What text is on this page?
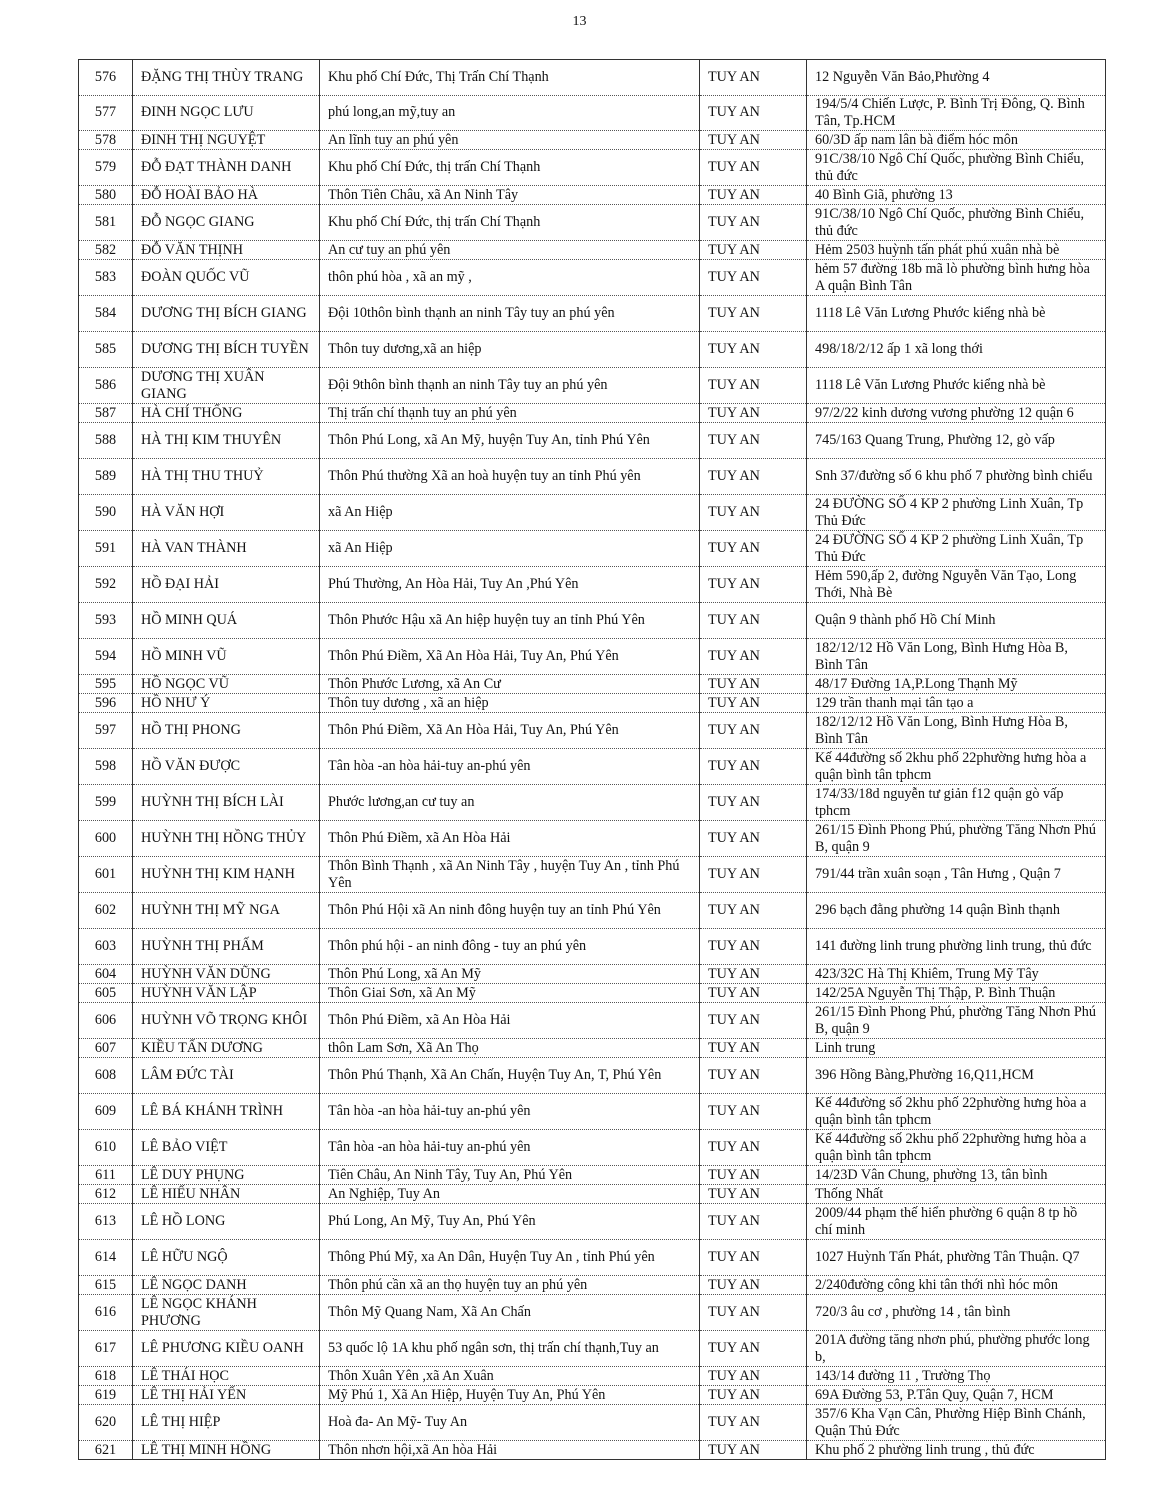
13
576	ĐẶNG THỊ THÙY TRANG	Khu phố Chí Đức, Thị Trấn Chí Thạnh	TUY AN	12 Nguyễn Văn Bảo,Phường 4
577	ĐINH NGỌC LƯU	phú long,an mỹ,tuy an	TUY AN	194/5/4 Chiến Lược, P. Bình Trị Đông, Q. Bình Tân, Tp.HCM
578	ĐINH THỊ NGUYỆT	An lĩnh tuy an phú yên	TUY AN	60/3D ấp nam lân bà điểm hóc môn
579	ĐỖ ĐẠT THÀNH DANH	Khu phố Chí Đức, thị trấn Chí Thạnh	TUY AN	91C/38/10 Ngô Chí Quốc, phường Bình Chiểu, thủ đức
580	ĐỖ HOÀI BẢO HÀ	Thôn Tiên Châu, xã An Ninh Tây	TUY AN	40 Bình Giã, phường 13
581	ĐỖ NGỌC GIANG	Khu phố Chí Đức, thị trấn Chí Thạnh	TUY AN	91C/38/10 Ngô Chí Quốc, phường Bình Chiểu, thủ đức
582	ĐỖ VĂN THỊNH	An cư tuy an phú yên	TUY AN	Hẻm 2503 huỳnh tấn phát phú xuân nhà bè
583	ĐOÀN QUỐC VŨ	thôn phú hòa , xã an mỹ ,	TUY AN	hẻm 57 đường 18b mã lò phường bình hưng hòa A quận Bình Tân
584	DƯƠNG THỊ BÍCH GIANG	Đội 10thôn bình thạnh an ninh Tây tuy an phú yên	TUY AN	1118 Lê Văn Lương Phước kiểng nhà bè
585	DƯƠNG THỊ BÍCH TUYỀN	Thôn tuy dương,xã an hiệp	TUY AN	498/18/2/12 ấp 1 xã long thới
586	DƯƠNG THỊ XUÂN GIANG	Đội 9thôn bình thạnh an ninh Tây tuy an phú yên	TUY AN	1118 Lê Văn Lương Phước kiểng nhà bè
587	HÀ CHÍ THỐNG	Thị trấn chí thạnh tuy an phú yên	TUY AN	97/2/22 kinh dương vương phường 12 quận 6
588	HÀ THỊ KIM THUYÊN	Thôn Phú Long, xã An Mỹ, huyện Tuy An, tỉnh Phú Yên	TUY AN	745/163 Quang Trung, Phường 12, gò vấp
589	HÀ THỊ THU THUỶ	Thôn Phú thường Xã an hoà huyện tuy an tỉnh Phú yên	TUY AN	Snh 37/đường số 6 khu phố 7 phường bình chiểu
590	HÀ VĂN HỢI	xã An Hiệp	TUY AN	24 ĐƯỜNG SỐ 4 KP 2 phường Linh Xuân, Tp Thủ Đức
591	HÀ VAN THÀNH	xã An Hiệp	TUY AN	24 ĐƯỜNG SỐ 4 KP 2 phường Linh Xuân, Tp Thủ Đức
592	HỒ ĐẠI HẢI	Phú Thường, An Hòa Hải, Tuy An ,Phú Yên	TUY AN	Hẻm 590,ấp 2, đường Nguyễn Văn Tạo, Long Thới, Nhà Bè
593	HỒ MINH QUÁ	Thôn Phước Hậu xã An hiệp huyện tuy an tỉnh Phú Yên	TUY AN	Quận 9 thành phố Hồ Chí Minh
594	HỒ MINH VŨ	Thôn Phú Điềm, Xã An Hòa Hải, Tuy An, Phú Yên	TUY AN	182/12/12 Hồ Văn Long, Bình Hưng Hòa B, Bình Tân
595	HỒ NGỌC VŨ	Thôn Phước Lương, xã An Cư	TUY AN	48/17 Đường 1A,P.Long Thạnh Mỹ
596	HỒ NHƯ Ý	Thôn tuy dương , xã an hiệp	TUY AN	129 trần thanh mại tân tạo a
597	HỒ THỊ PHONG	Thôn Phú Điềm, Xã An Hòa Hải, Tuy An, Phú Yên	TUY AN	182/12/12 Hồ Văn Long, Bình Hưng Hòa B, Bình Tân
598	HỒ VĂN ĐƯỢC	Tân hòa -an hòa hải-tuy an-phú yên	TUY AN	Kế 44đường số 2khu phố 22phường hưng hòa a quận bình tân tphcm
599	HUỲNH THỊ BÍCH LÀI	Phước lương,an cư tuy an	TUY AN	174/33/18d nguyễn tư giản f12 quận gò vấp tphcm
600	HUỲNH THỊ HỒNG THỦY	Thôn Phú Điềm, xã An Hòa Hải	TUY AN	261/15 Đình Phong Phú, phường Tăng Nhơn Phú B, quận 9
601	HUỲNH THỊ KIM HẠNH	Thôn Bình Thạnh , xã An Ninh Tây , huyện Tuy An , tỉnh Phú Yên	TUY AN	791/44 trần xuân soạn , Tân Hưng , Quận 7
602	HUỲNH THỊ MỸ NGA	Thôn Phú Hội xã An ninh đông huyện tuy an tỉnh Phú Yên	TUY AN	296 bạch đằng phường 14 quận Bình thạnh
603	HUỲNH THỊ PHẤM	Thôn phú hội - an ninh đông - tuy an phú yên	TUY AN	141 đường linh trung phường linh trung, thủ đức
604	HUỲNH VĂN DŨNG	Thôn Phú Long, xã An Mỹ	TUY AN	423/32C Hà Thị Khiêm, Trung Mỹ Tây
605	HUỲNH VĂN LẬP	Thôn Giai Sơn, xã An Mỹ	TUY AN	142/25A Nguyễn Thị Thập, P. Bình Thuận
606	HUỲNH VÕ TRỌNG KHÔI	Thôn Phú Điềm, xã An Hòa Hải	TUY AN	261/15 Đình Phong Phú, phường Tăng Nhơn Phú B, quận 9
607	KIỀU TẤN DƯƠNG	thôn Lam Sơn, Xã An Thọ	TUY AN	Linh trung
608	LÂM ĐỨC TÀI	Thôn Phú Thạnh, Xã An Chấn, Huyện Tuy An, T, Phú Yên	TUY AN	396 Hồng Bàng,Phường 16,Q11,HCM
609	LÊ BÁ KHÁNH TRÌNH	Tân hòa -an hòa hải-tuy an-phú yên	TUY AN	Kế 44đường số 2khu phố 22phường hưng hòa a quận bình tân tphcm
610	LÊ BẢO VIỆT	Tân hòa -an hòa hải-tuy an-phú yên	TUY AN	Kế 44đường số 2khu phố 22phường hưng hòa a quận bình tân tphcm
611	LÊ DUY PHỤNG	Tiên Châu, An Ninh Tây, Tuy An, Phú Yên	TUY AN	14/23D Vân Chung, phường 13, tân bình
612	LÊ HIẾU NHÂN	An Nghiệp, Tuy An	TUY AN	Thống Nhất
613	LÊ HỒ LONG	Phú Long, An Mỹ, Tuy An, Phú Yên	TUY AN	2009/44 phạm thế hiển phường 6 quận 8 tp hồ chí minh
614	LÊ HỮU NGỘ	Thông Phú Mỹ, xa An Dân, Huyện Tuy An , tỉnh Phú yên	TUY AN	1027 Huỳnh Tấn Phát, phường Tân Thuận. Q7
615	LÊ NGỌC DANH	Thôn phú cần xã an thọ huyện tuy an phú yên	TUY AN	2/240đường công khi tân thới nhì hóc môn
616	LÊ NGỌC KHÁNH PHƯƠNG	Thôn Mỹ Quang Nam, Xã An Chấn	TUY AN	720/3 âu cơ , phường 14 , tân bình
617	LÊ PHƯƠNG KIỀU OANH	53 quốc lộ 1A khu phố ngân sơn, thị trấn chí thạnh,Tuy an	TUY AN	201A đường tăng nhơn phú, phường phước long b,
618	LÊ THÁI HỌC	Thôn Xuân Yên ,xã An Xuân	TUY AN	143/14 đường 11 , Trường Thọ
619	LÊ THỊ HẢI YẾN	Mỹ Phú 1, Xã An Hiệp, Huyện Tuy An, Phú Yên	TUY AN	69A Đường 53, P.Tân Quy, Quận 7, HCM
620	LÊ THỊ HIỆP	Hoà đa- An Mỹ- Tuy An	TUY AN	357/6 Kha Vạn Cân, Phường Hiệp Bình Chánh, Quận Thủ Đức
621	LÊ THỊ MINH HỒNG	Thôn nhơn hội,xã An hòa Hải	TUY AN	Khu phố 2 phường linh trung , thủ đức
